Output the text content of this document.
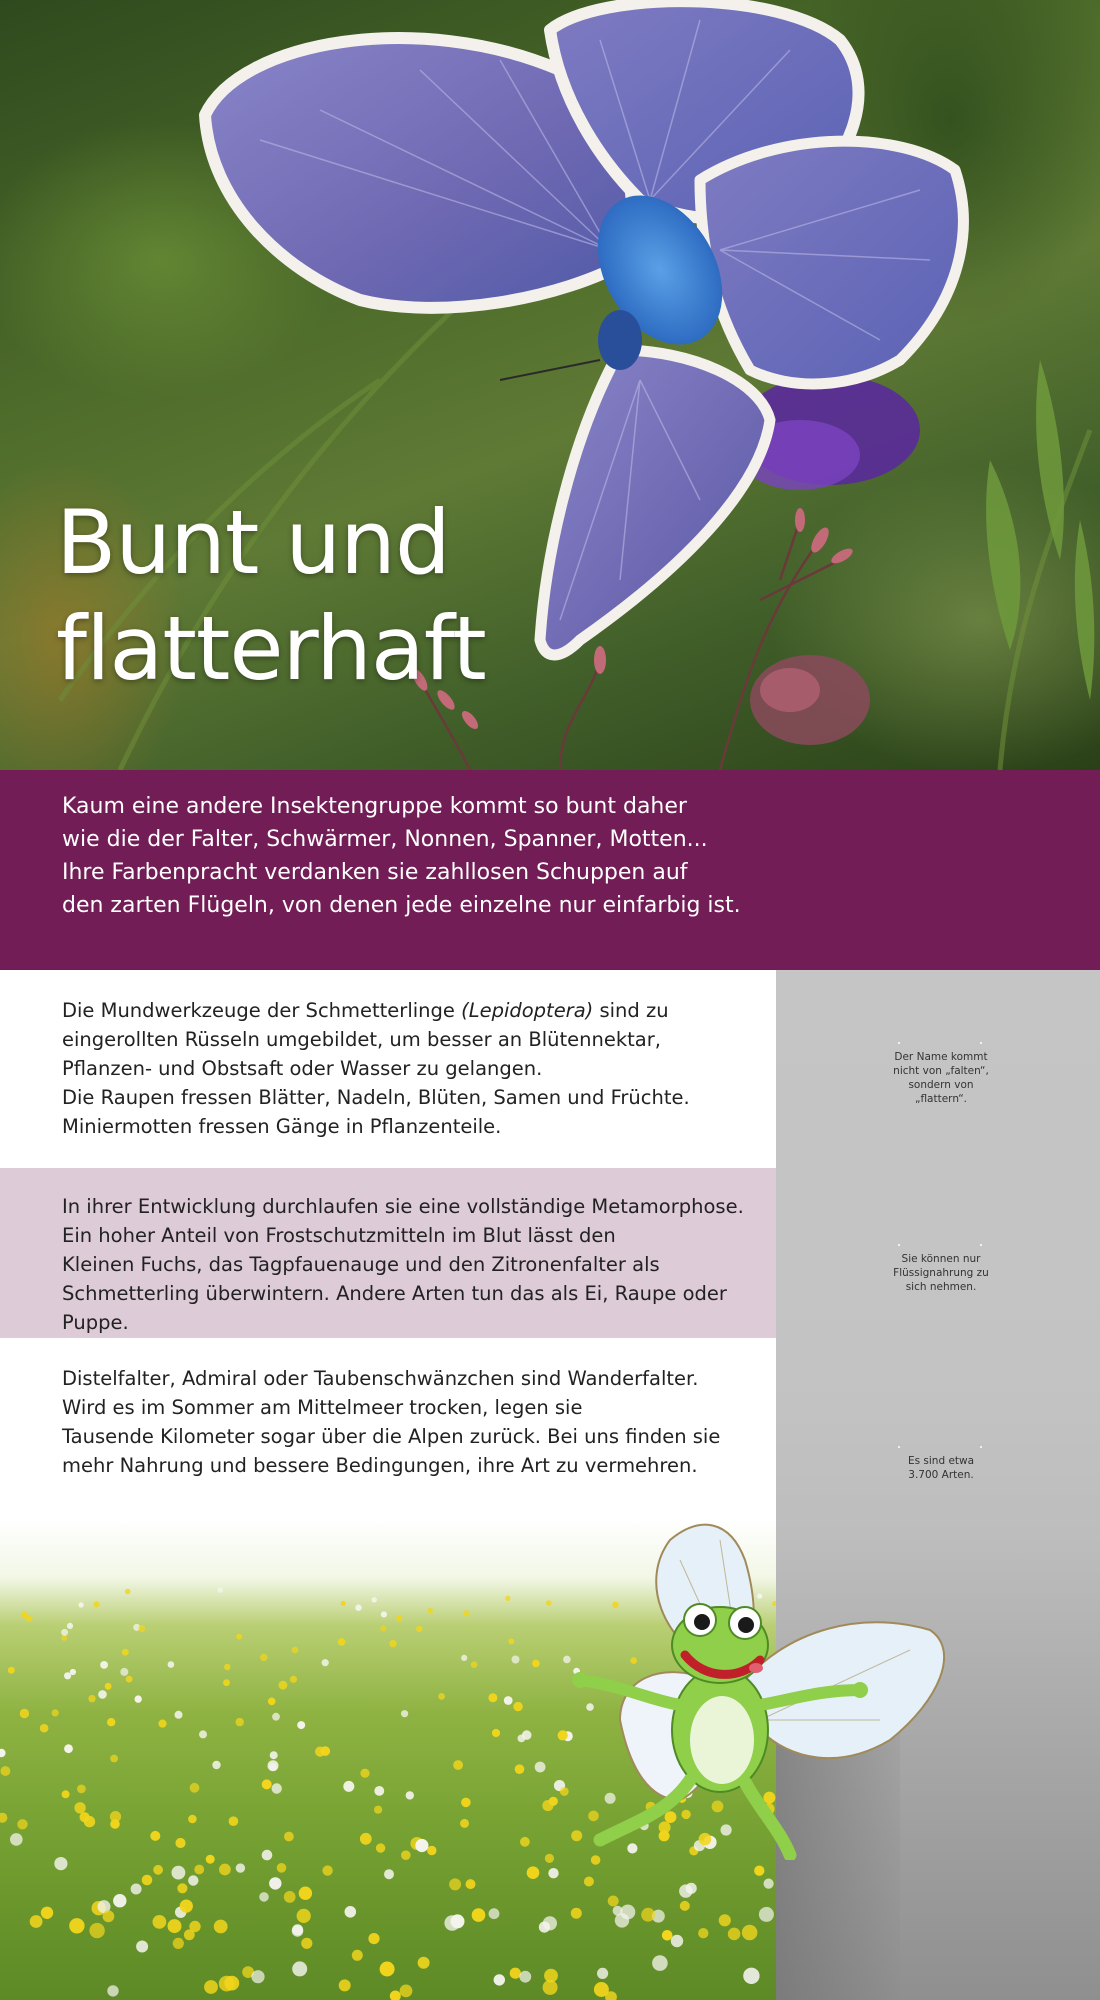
Bunt und
flatterhaft

Kaum eine andere Insektengruppe kommt so bunt daher
wie die der Falter, Schwärmer, Nonnen, Spanner, Motten...
Ihre Farbenpracht verdanken sie zahllosen Schuppen auf
den zarten Flügeln, von denen jede einzelne nur einfarbig ist.

Die Mundwerkzeuge der Schmetterlinge (Lepidoptera) sind zu
eingerollten Rüsseln umgebildet, um besser an Blütennektar,
Pflanzen- und Obstsaft oder Wasser zu gelangen.
Die Raupen fressen Blätter, Nadeln, Blüten, Samen und Früchte.
Miniermotten fressen Gänge in Pflanzenteile.

In ihrer Entwicklung durchlaufen sie eine vollständige Metamorphose.
Ein hoher Anteil von Frostschutzmitteln im Blut lässt den
Kleinen Fuchs, das Tagpfauenauge und den Zitronenfalter als
Schmetterling überwintern. Andere Arten tun das als Ei, Raupe oder Puppe.

Distelfalter, Admiral oder Taubenschwänzchen sind Wanderfalter.
Wird es im Sommer am Mittelmeer trocken, legen sie
Tausende Kilometer sogar über die Alpen zurück. Bei uns finden sie
mehr Nahrung und bessere Bedingungen, ihre Art zu vermehren.

Der Name kommt
nicht von „falten“,
sondern von
„flattern“.
Sie können nur
Flüssignahrung zu
sich nehmen.
Es sind etwa
3.700 Arten.
